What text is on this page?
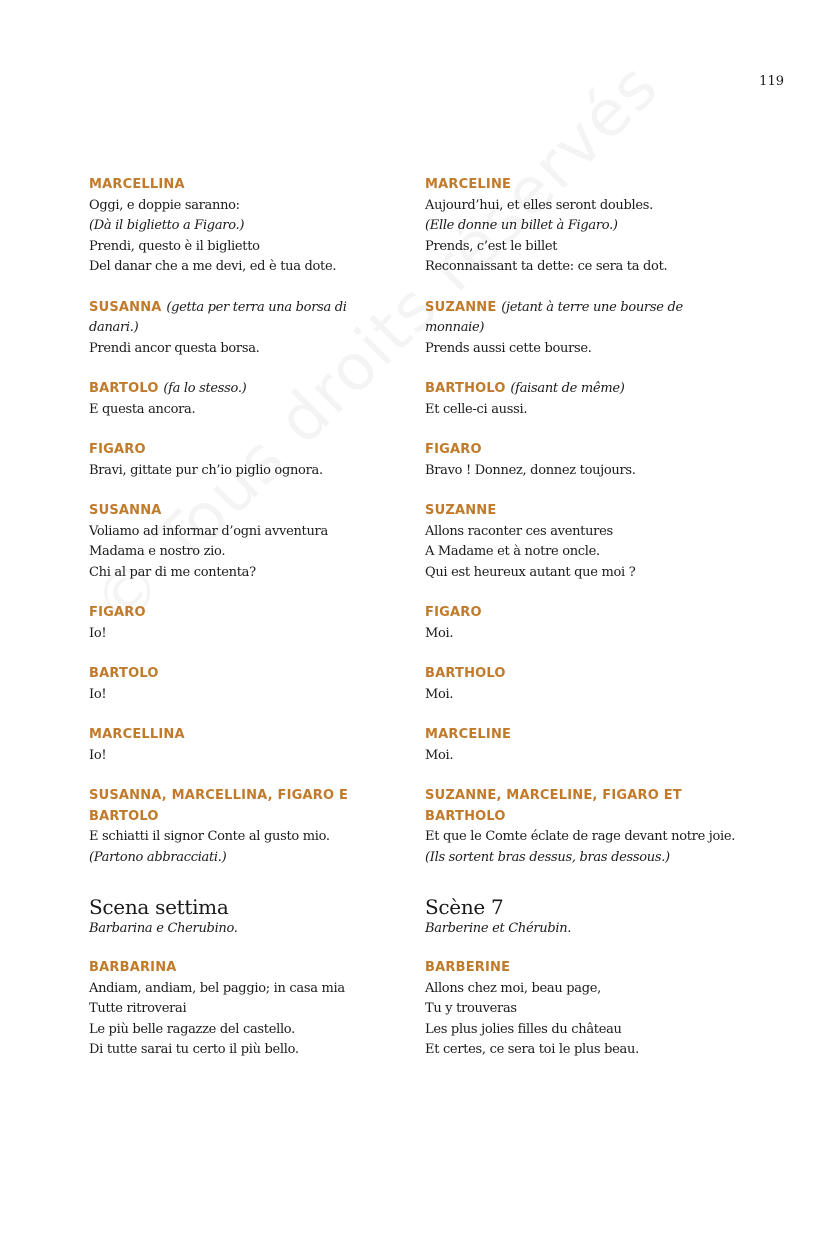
119
MARCELLINA
Oggi, e doppie saranno:
(Dà il biglietto a Figaro.)
Prendi, questo è il biglietto
Del danar che a me devi, ed è tua dote.
SUSANNA (getta per terra una borsa di
danari.)
Prendi ancor questa borsa.
BARTOLO (fa lo stesso.)
E questa ancora.
FIGARO
Bravi, gittate pur ch’io piglio ognora.
SUSANNA
Voliamo ad informar d’ogni avventura
Madama e nostro zio.
Chi al par di me contenta?
FIGARO
Io!
BARTOLO
Io!
MARCELLINA
Io!
SUSANNA, MARCELLINA, FIGARO E
BARTOLO
E schiatti il signor Conte al gusto mio.
(Partono abbracciati.)
Scena settima
Barbarina e Cherubino.
BARBARINA
Andiam, andiam, bel paggio; in casa mia
Tutte ritroverai
Le più belle ragazze del castello.
Di tutte sarai tu certo il più bello.
MARCELINE
Aujourd’hui, et elles seront doubles.
(Elle donne un billet à Figaro.)
Prends, c’est le billet
Reconnaissant ta dette: ce sera ta dot.
SUZANNE (jetant à terre une bourse de
monnaie)
Prends aussi cette bourse.
BARTHOLO (faisant de même)
Et celle-ci aussi.
FIGARO
Bravo ! Donnez, donnez toujours.
SUZANNE
Allons raconter ces aventures
A Madame et à notre oncle.
Qui est heureux autant que moi ?
FIGARO
Moi.
BARTHOLO
Moi.
MARCELINE
Moi.
SUZANNE, MARCELINE, FIGARO ET
BARTHOLO
Et que le Comte éclate de rage devant notre joie.
(Ils sortent bras dessus, bras dessous.)
Scène 7
Barberine et Chérubin.
BARBERINE
Allons chez moi, beau page,
Tu y trouveras
Les plus jolies filles du château
Et certes, ce sera toi le plus beau.
